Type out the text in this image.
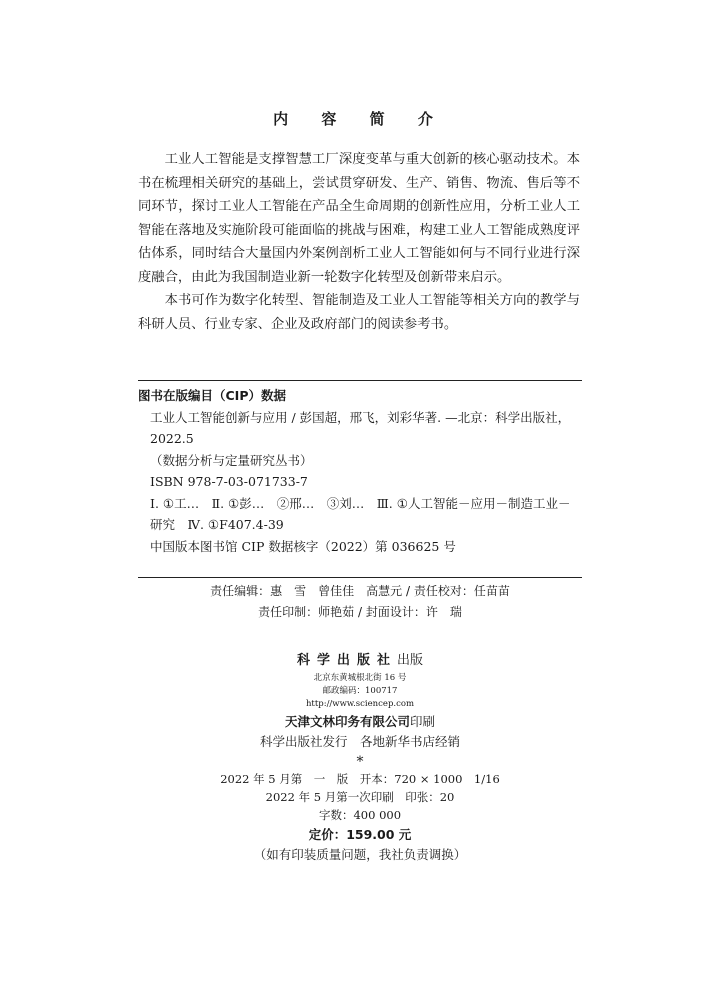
内 容 简 介

工业人工智能是支撑智慧工厂深度变革与重大创新的核心驱动技术。本书在梳理相关研究的基础上，尝试贯穿研发、生产、销售、物流、售后等不同环节，探讨工业人工智能在产品全生命周期的创新性应用，分析工业人工智能在落地及实施阶段可能面临的挑战与困难，构建工业人工智能成熟度评估体系，同时结合大量国内外案例剖析工业人工智能如何与不同行业进行深度融合，由此为我国制造业新一轮数字化转型及创新带来启示。

本书可作为数字化转型、智能制造及工业人工智能等相关方向的教学与科研人员、行业专家、企业及政府部门的阅读参考书。

图书在版编目（CIP）数据
工业人工智能创新与应用 / 彭国超，邢飞，刘彩华著. —北京：科学出版社，2022.5
（数据分析与定量研究丛书）
ISBN 978-7-03-071733-7
Ⅰ. ①工…　Ⅱ. ①彭…　②邢…　③刘…　Ⅲ. ①人工智能－应用－制造工业－研究　Ⅳ. ①F407.4-39
中国版本图书馆 CIP 数据核字（2022）第 036625 号
责任编辑：惠　雪　曾佳佳　高慧元 / 责任校对：任苗苗
责任印制：师艳茹 / 封面设计：许　瑞
科学出版社出版
北京东黄城根北街 16 号
邮政编码：100717
http://www.sciencep.com
天津文林印务有限公司印刷
科学出版社发行　各地新华书店经销
*
2022 年 5 月第　一　版　开本：720 × 1000　1/16
2022 年 5 月第一次印刷　印张：20
字数：400 000
定价：159.00 元
（如有印装质量问题，我社负责调换）
